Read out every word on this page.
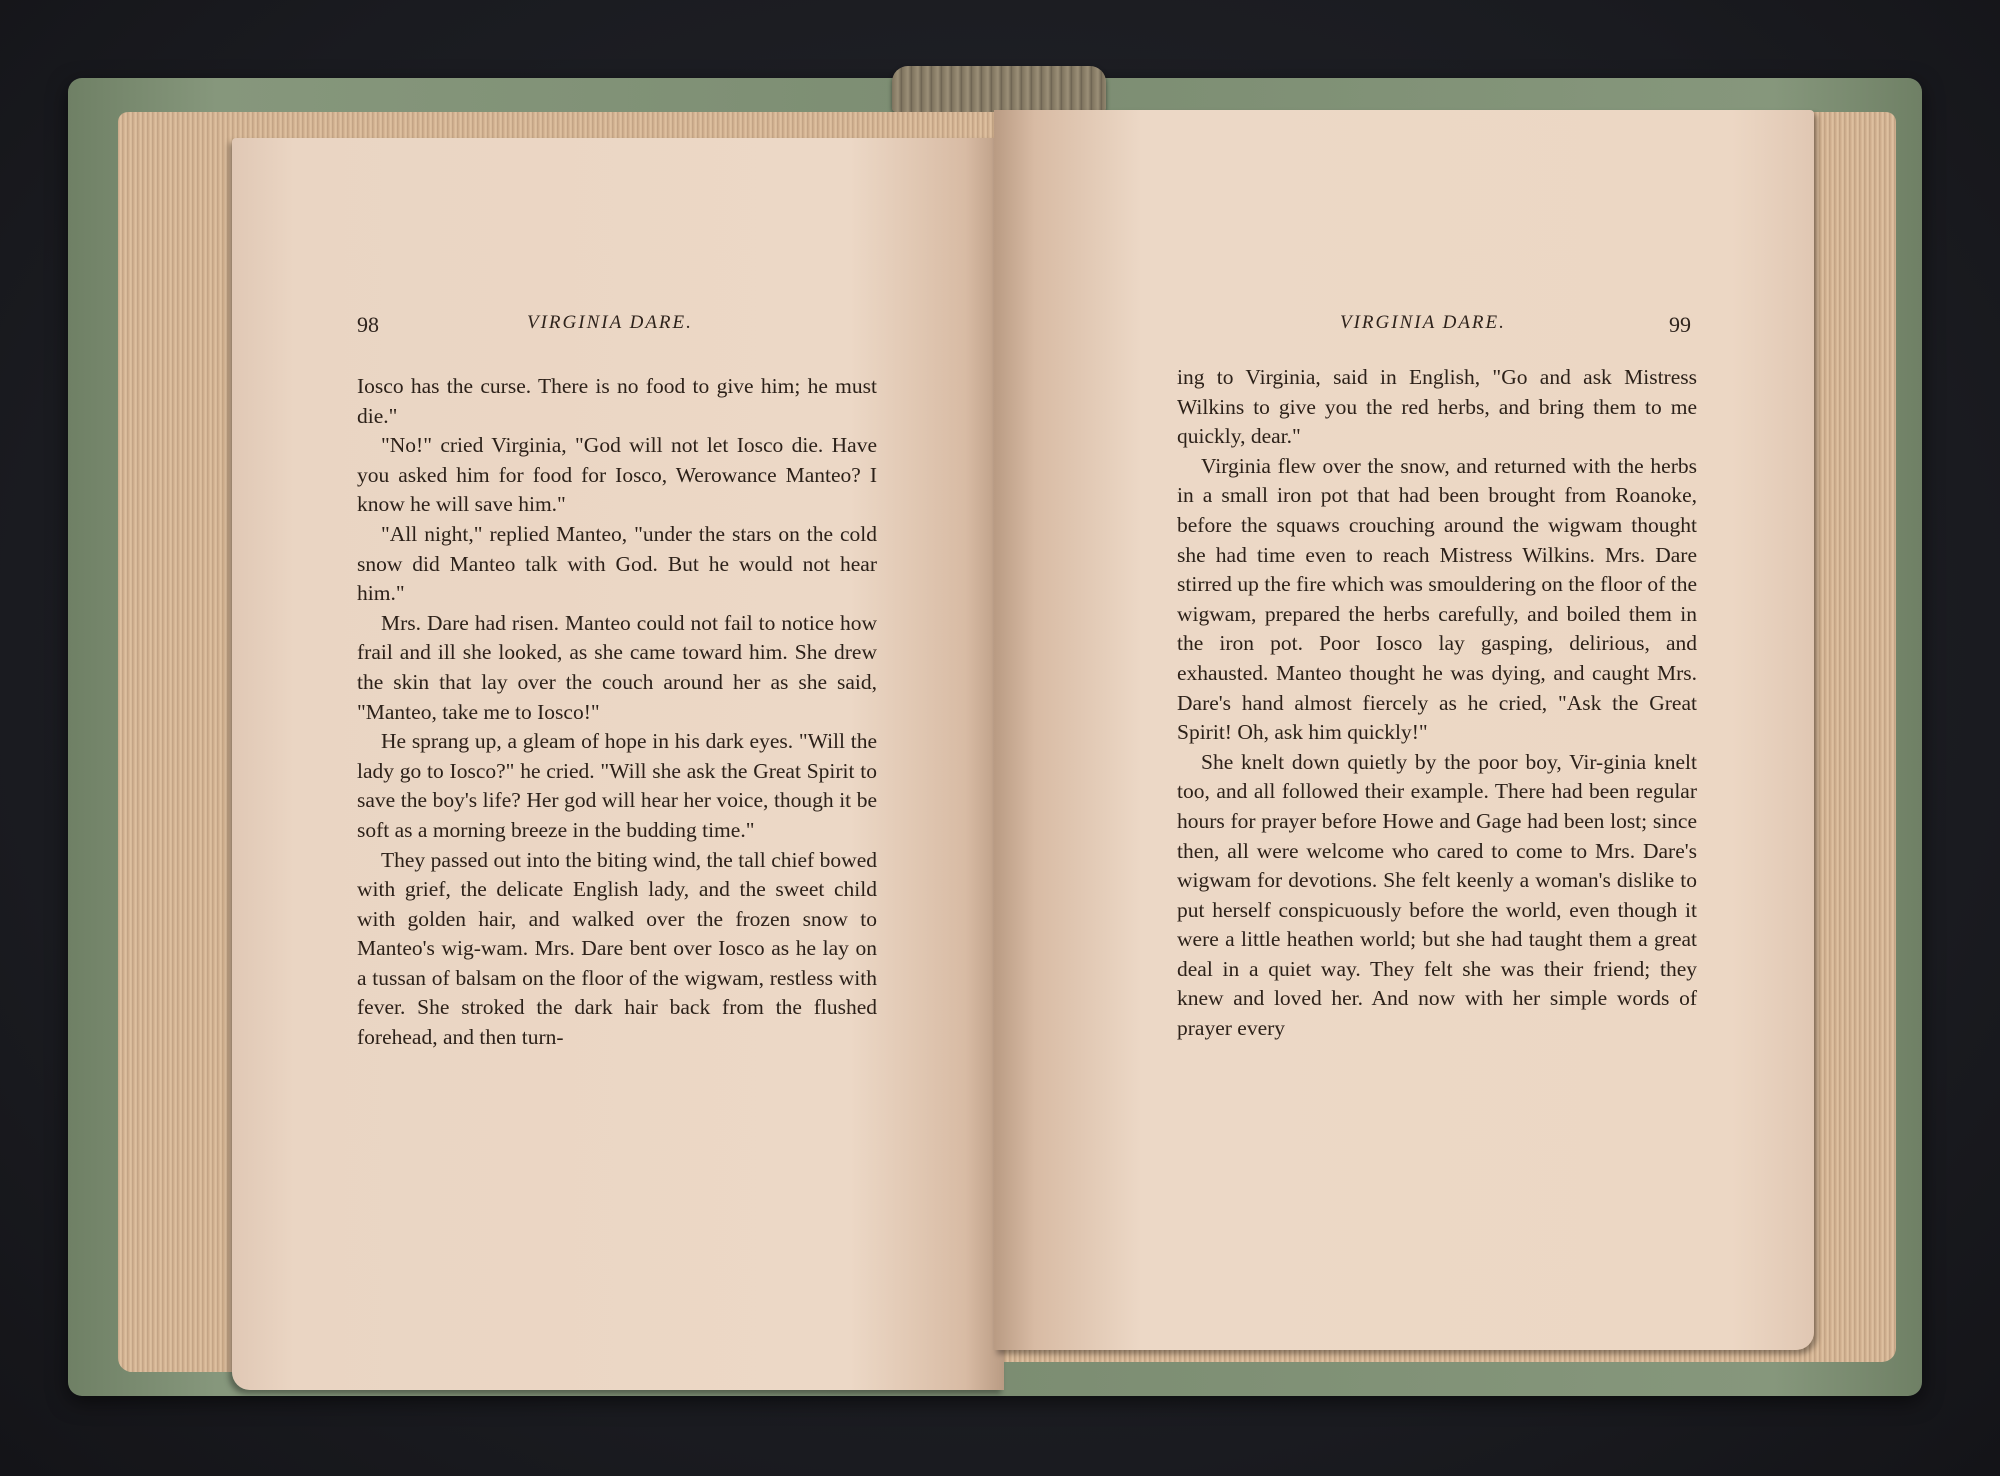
98	VIRGINIA DARE.	VIRGINIA DARE.	99

Iosco has the curse. There is no food to give him; he must die."

"No!" cried Virginia, "God will not let Iosco die. Have you asked him for food for Iosco, Werowance Manteo? I know he will save him."

"All night," replied Manteo, "under the stars on the cold snow did Manteo talk with God. But he would not hear him."

Mrs. Dare had risen. Manteo could not fail to notice how frail and ill she looked, as she came toward him. She drew the skin that lay over the couch around her as she said, "Manteo, take me to Iosco!"

He sprang up, a gleam of hope in his dark eyes. "Will the lady go to Iosco?" he cried. "Will she ask the Great Spirit to save the boy's life? Her god will hear her voice, though it be soft as a morning breeze in the budding time."

They passed out into the biting wind, the tall chief bowed with grief, the delicate English lady, and the sweet child with golden hair, and walked over the frozen snow to Manteo's wig-wam. Mrs. Dare bent over Iosco as he lay on a tussan of balsam on the floor of the wigwam, restless with fever. She stroked the dark hair back from the flushed forehead, and then turn-

ing to Virginia, said in English, "Go and ask Mistress Wilkins to give you the red herbs, and bring them to me quickly, dear."

Virginia flew over the snow, and returned with the herbs in a small iron pot that had been brought from Roanoke, before the squaws crouching around the wigwam thought she had time even to reach Mistress Wilkins. Mrs. Dare stirred up the fire which was smouldering on the floor of the wigwam, prepared the herbs carefully, and boiled them in the iron pot. Poor Iosco lay gasping, delirious, and exhausted. Manteo thought he was dying, and caught Mrs. Dare's hand almost fiercely as he cried, "Ask the Great Spirit! Oh, ask him quickly!"

She knelt down quietly by the poor boy, Vir-ginia knelt too, and all followed their example. There had been regular hours for prayer before Howe and Gage had been lost; since then, all were welcome who cared to come to Mrs. Dare's wigwam for devotions. She felt keenly a woman's dislike to put herself conspicuously before the world, even though it were a little heathen world; but she had taught them a great deal in a quiet way. They felt she was their friend; they knew and loved her. And now with her simple words of prayer every
